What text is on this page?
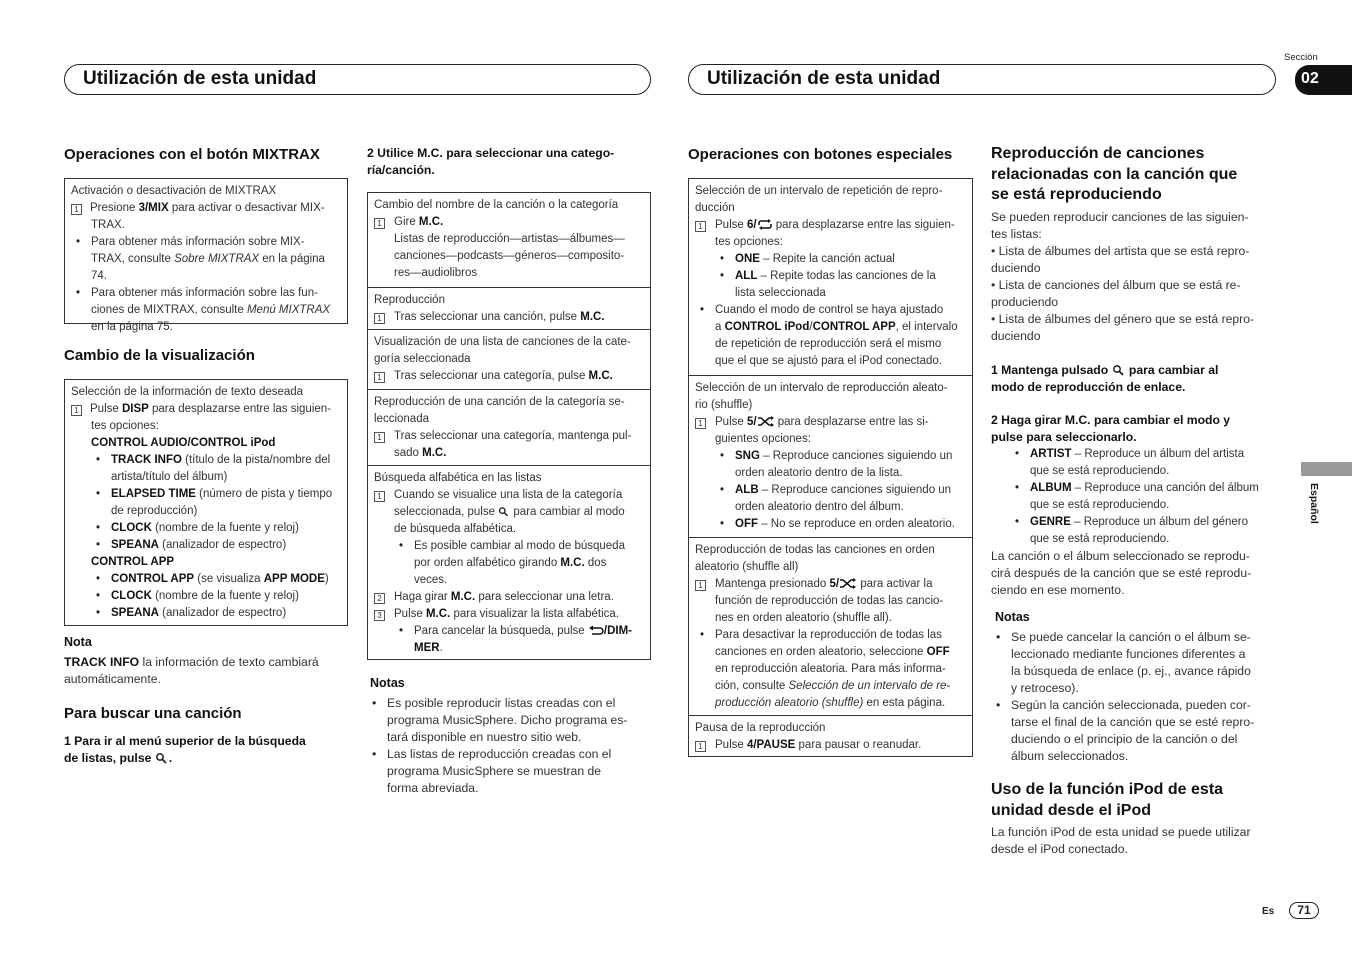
Utilización de esta unidad	Utilización de esta unidad
Sección
02
Español
Es	71
Operaciones con el botón MIXTRAX
Activación o desactivación de MIXTRAX
1 Presione 3/MIX para activar o desactivar MIX-
TRAX.
• Para obtener más información sobre MIX-
TRAX, consulte Sobre MIXTRAX en la página 74.
• Para obtener más información sobre las fun-
ciones de MIXTRAX, consulte Menú MIXTRAX
en la página 75.
Cambio de la visualización
Selección de la información de texto deseada
1 Pulse DISP para desplazarse entre las siguien-
tes opciones:
CONTROL AUDIO/CONTROL iPod
• TRACK INFO (título de la pista/nombre del
artista/título del álbum)
• ELAPSED TIME (número de pista y tiempo
de reproducción)
• CLOCK (nombre de la fuente y reloj)
• SPEANA (analizador de espectro)
CONTROL APP
• CONTROL APP (se visualiza APP MODE)
• CLOCK (nombre de la fuente y reloj)
• SPEANA (analizador de espectro)
Nota
TRACK INFO la información de texto cambiará
automáticamente.
Para buscar una canción
1 Para ir al menú superior de la búsqueda
de listas, pulse .
2 Utilice M.C. para seleccionar una catego-
ría/canción.
Cambio del nombre de la canción o la categoría
1	Gire M.C.
Listas de reproducción—artistas—álbumes—
canciones—podcasts—géneros—composito-
res—audiolibros
Reproducción
1	Tras seleccionar una canción, pulse M.C.
Visualización de una lista de canciones de la cate-
goría seleccionada
1	Tras seleccionar una categoría, pulse M.C.
Reproducción de una canción de la categoría se-
leccionada
1	Tras seleccionar una categoría, mantenga pul-
sado M.C.
Búsqueda alfabética en las listas
1	Cuando se visualice una lista de la categoría
seleccionada, pulse  para cambiar al modo
de búsqueda alfabética.
• Es posible cambiar al modo de búsqueda
por orden alfabético girando M.C. dos
veces.
2	Haga girar M.C. para seleccionar una letra.
3	Pulse M.C. para visualizar la lista alfabética.
• Para cancelar la búsqueda, pulse /DIM-
MER.
Notas
• Es posible reproducir listas creadas con el
programa MusicSphere. Dicho programa es-
tará disponible en nuestro sitio web.
• Las listas de reproducción creadas con el
programa MusicSphere se muestran de
forma abreviada.
Operaciones con botones especiales
Selección de un intervalo de repetición de repro-
ducción
1	Pulse 6/ para desplazarse entre las siguien-
tes opciones:
• ONE – Repite la canción actual
• ALL – Repite todas las canciones de la
lista seleccionada
• Cuando el modo de control se haya ajustado
a CONTROL iPod/CONTROL APP, el intervalo
de repetición de reproducción será el mismo
que el que se ajustó para el iPod conectado.
Selección de un intervalo de reproducción aleato-
rio (shuffle)
1	Pulse 5/ para desplazarse entre las si-
guientes opciones:
• SNG – Reproduce canciones siguiendo un
orden aleatorio dentro de la lista.
• ALB – Reproduce canciones siguiendo un
orden aleatorio dentro del álbum.
• OFF – No se reproduce en orden aleatorio.
Reproducción de todas las canciones en orden
aleatorio (shuffle all)
1	Mantenga presionado 5/ para activar la
función de reproducción de todas las cancio-
nes en orden aleatorio (shuffle all).
• Para desactivar la reproducción de todas las
canciones en orden aleatorio, seleccione OFF
en reproducción aleatoria. Para más informa-
ción, consulte Selección de un intervalo de re-
producción aleatorio (shuffle) en esta página.
Pausa de la reproducción
1	Pulse 4/PAUSE para pausar o reanudar.
Reproducción de canciones
relacionadas con la canción que
se está reproduciendo
Se pueden reproducir canciones de las siguien-
tes listas:
• Lista de álbumes del artista que se está repro-
duciendo
• Lista de canciones del álbum que se está re-
produciendo
• Lista de álbumes del género que se está repro-
duciendo
1 Mantenga pulsado  para cambiar al
modo de reproducción de enlace.
2 Haga girar M.C. para cambiar el modo y
pulse para seleccionarlo.
• ARTIST – Reproduce un álbum del artista
que se está reproduciendo.
• ALBUM – Reproduce una canción del álbum
que se está reproduciendo.
• GENRE – Reproduce un álbum del género
que se está reproduciendo.
La canción o el álbum seleccionado se reprodu-
cirá después de la canción que se esté reprodu-
ciendo en ese momento.
Notas
• Se puede cancelar la canción o el álbum se-
leccionado mediante funciones diferentes a
la búsqueda de enlace (p. ej., avance rápido
y retroceso).
• Según la canción seleccionada, pueden cor-
tarse el final de la canción que se esté repro-
duciendo o el principio de la canción o del
álbum seleccionados.
Uso de la función iPod de esta
unidad desde el iPod
La función iPod de esta unidad se puede utilizar
desde el iPod conectado.
